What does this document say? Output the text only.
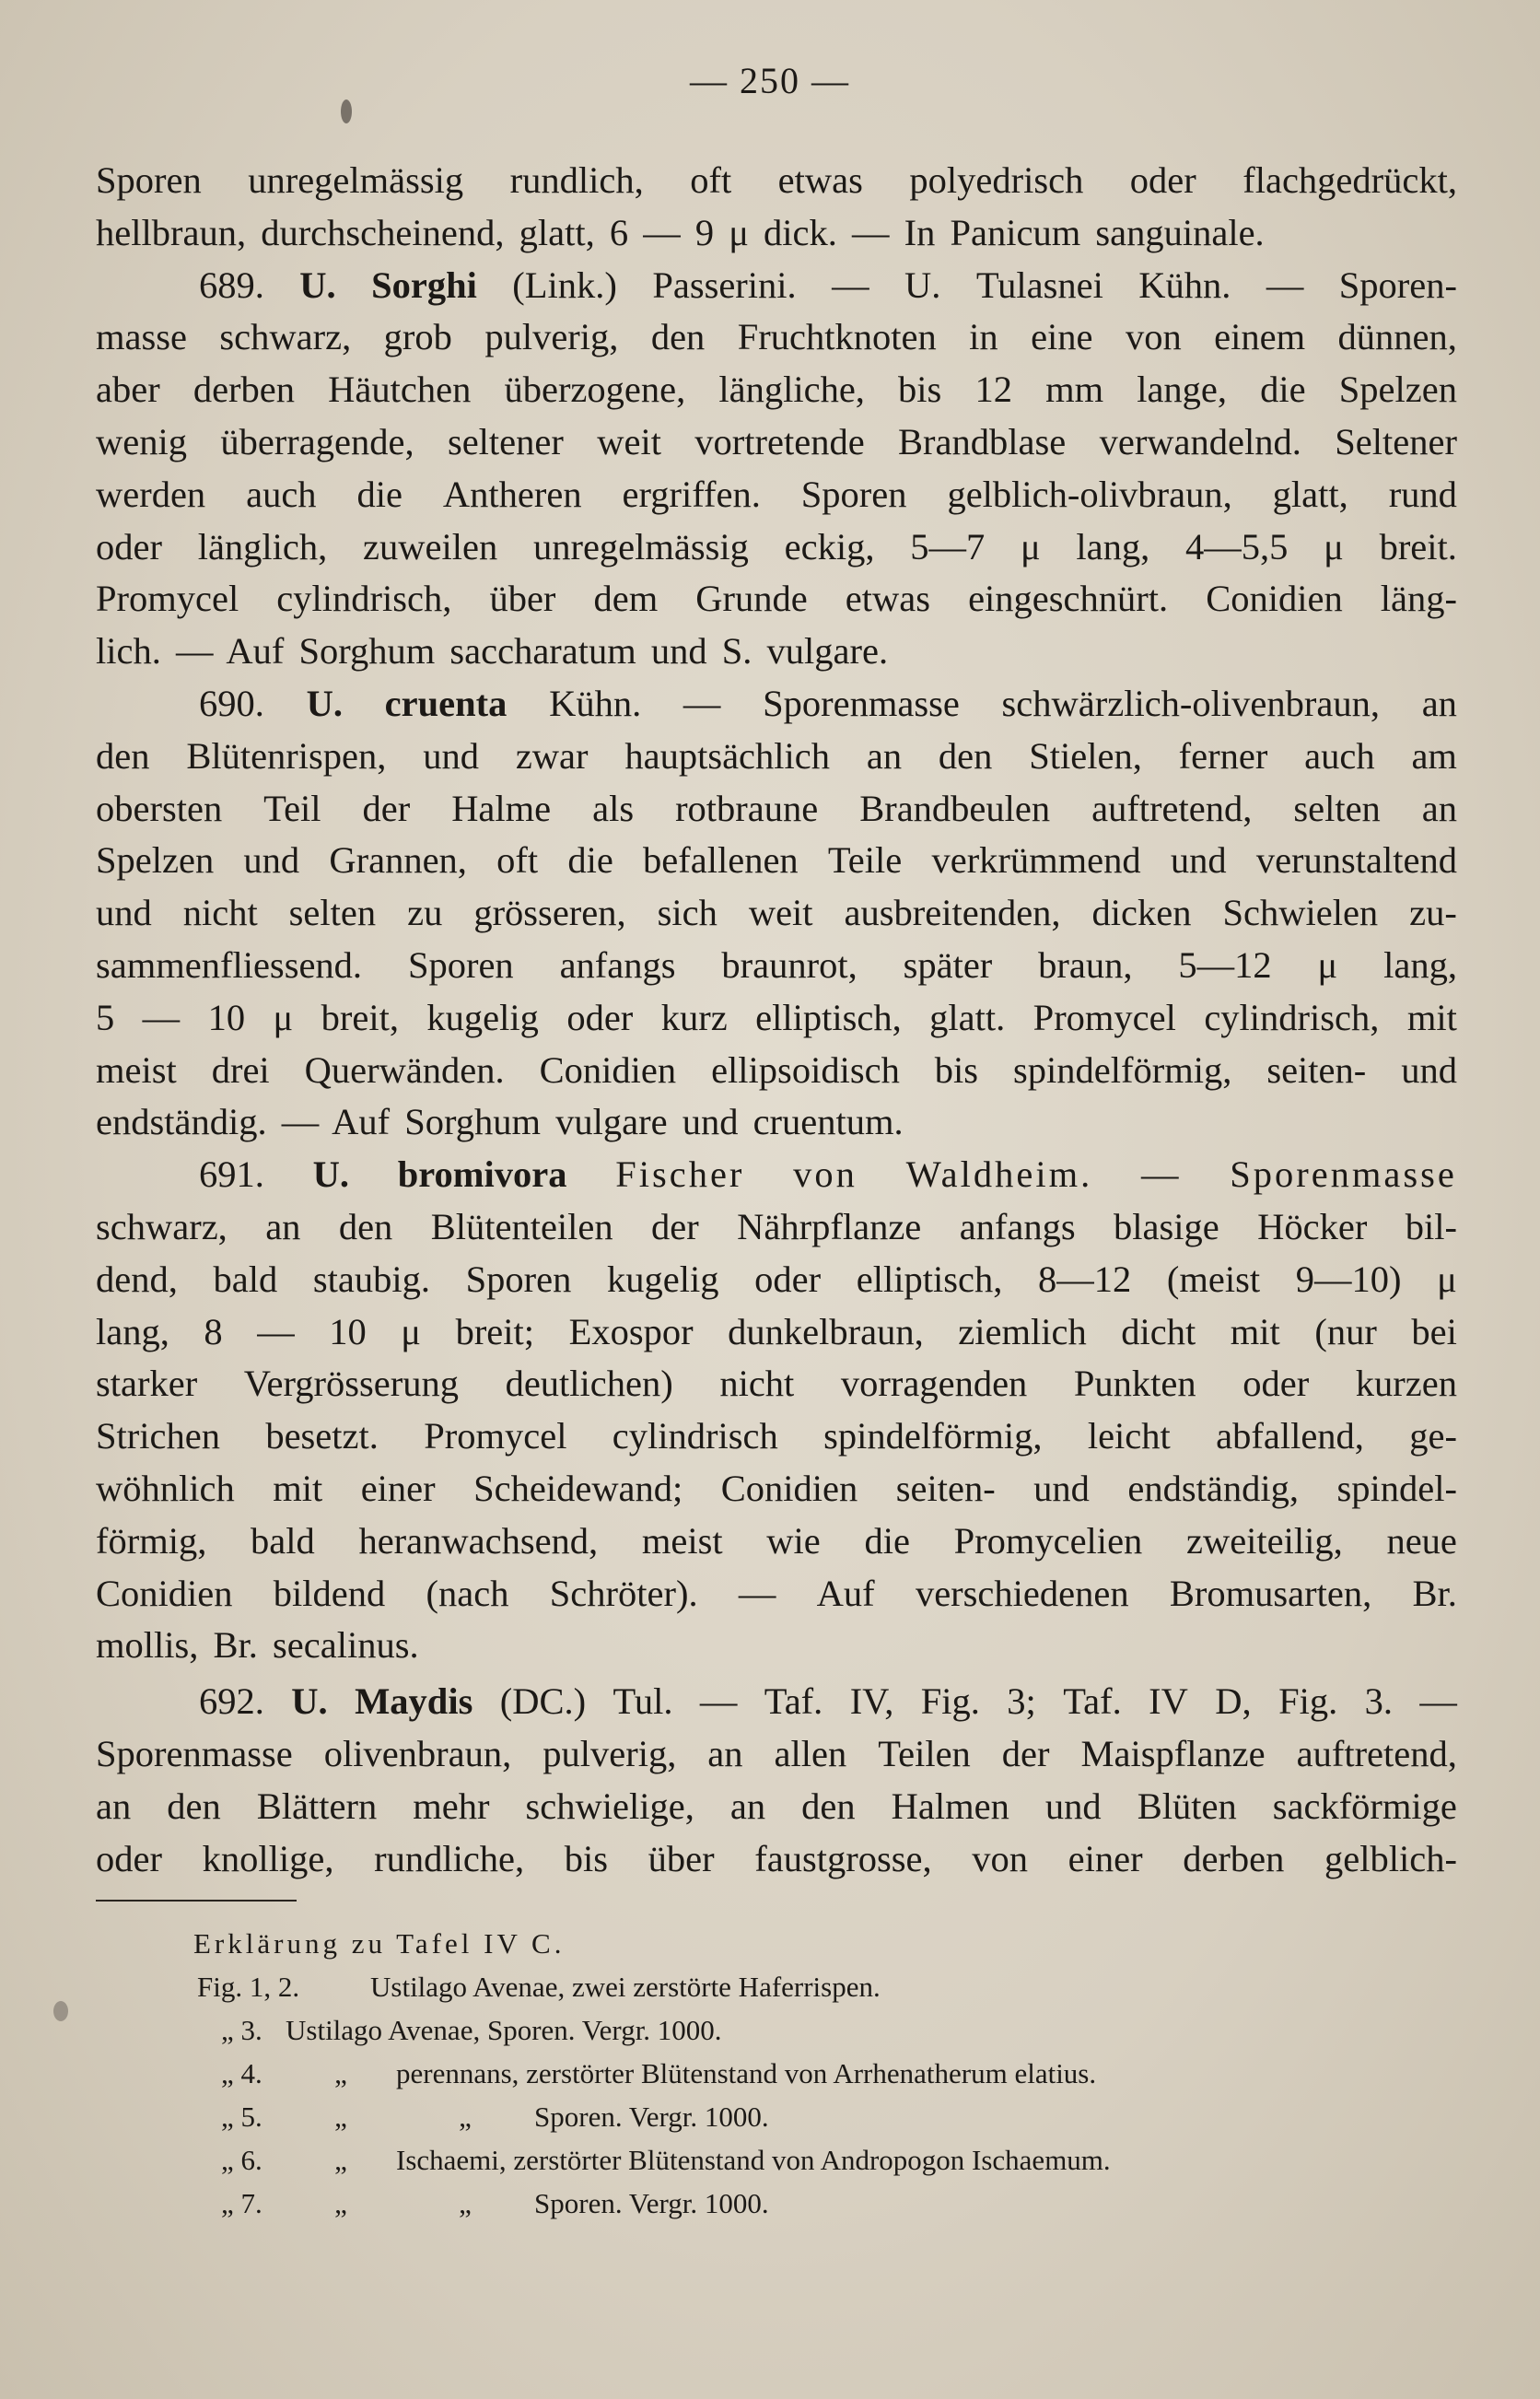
— 250 —
Sporen unregelmässig rundlich, oft etwas polyedrisch oder flachgedrückt,
hellbraun, durchscheinend, glatt, 6 — 9 μ dick. — In Panicum sanguinale.
689. U. Sorghi (Link.) Passerini. — U. Tulasnei Kühn. — Sporen-
masse schwarz, grob pulverig, den Fruchtknoten in eine von einem dünnen,
aber derben Häutchen überzogene, längliche, bis 12 mm lange, die Spelzen
wenig überragende, seltener weit vortretende Brandblase verwandelnd. Seltener
werden auch die Antheren ergriffen. Sporen gelblich-olivbraun, glatt, rund
oder länglich, zuweilen unregelmässig eckig, 5—7 μ lang, 4—5,5 μ breit.
Promycel cylindrisch, über dem Grunde etwas eingeschnürt. Conidien läng-
lich. — Auf Sorghum saccharatum und S. vulgare.
690. U. cruenta Kühn. — Sporenmasse schwärzlich-olivenbraun, an
den Blütenrispen, und zwar hauptsächlich an den Stielen, ferner auch am
obersten Teil der Halme als rotbraune Brandbeulen auftretend, selten an
Spelzen und Grannen, oft die befallenen Teile verkrümmend und verunstaltend
und nicht selten zu grösseren, sich weit ausbreitenden, dicken Schwielen zu-
sammenfliessend. Sporen anfangs braunrot, später braun, 5—12 μ lang,
5 — 10 μ breit, kugelig oder kurz elliptisch, glatt. Promycel cylindrisch, mit
meist drei Querwänden. Conidien ellipsoidisch bis spindelförmig, seiten- und
endständig. — Auf Sorghum vulgare und cruentum.
691. U. bromivora Fischer von Waldheim. — Sporenmasse
schwarz, an den Blütenteilen der Nährpflanze anfangs blasige Höcker bil-
dend, bald staubig. Sporen kugelig oder elliptisch, 8—12 (meist 9—10) μ
lang, 8 — 10 μ breit; Exospor dunkelbraun, ziemlich dicht mit (nur bei
starker Vergrösserung deutlichen) nicht vorragenden Punkten oder kurzen
Strichen besetzt. Promycel cylindrisch spindelförmig, leicht abfallend, ge-
wöhnlich mit einer Scheidewand; Conidien seiten- und endständig, spindel-
förmig, bald heranwachsend, meist wie die Promycelien zweiteilig, neue
Conidien bildend (nach Schröter). — Auf verschiedenen Bromusarten, Br.
mollis, Br. secalinus.
692. U. Maydis (DC.) Tul. — Taf. IV, Fig. 3; Taf. IV D, Fig. 3. —
Sporenmasse olivenbraun, pulverig, an allen Teilen der Maispflanze auftretend,
an den Blättern mehr schwielige, an den Halmen und Blüten sackförmige
oder knollige, rundliche, bis über faustgrosse, von einer derben gelblich-
Erklärung zu Tafel IV C.
Fig. 1, 2.	Ustilago Avenae, zwei zerstörte Haferrispen.
„ 3. Ustilago Avenae, Sporen. Vergr. 1000.
„ 4.	„	perennans, zerstörter Blütenstand von Arrhenatherum elatius.
„ 5.	„	„	Sporen. Vergr. 1000.
„ 6.	„	Ischaemi, zerstörter Blütenstand von Andropogon Ischaemum.
„ 7.	„	„	Sporen. Vergr. 1000.
